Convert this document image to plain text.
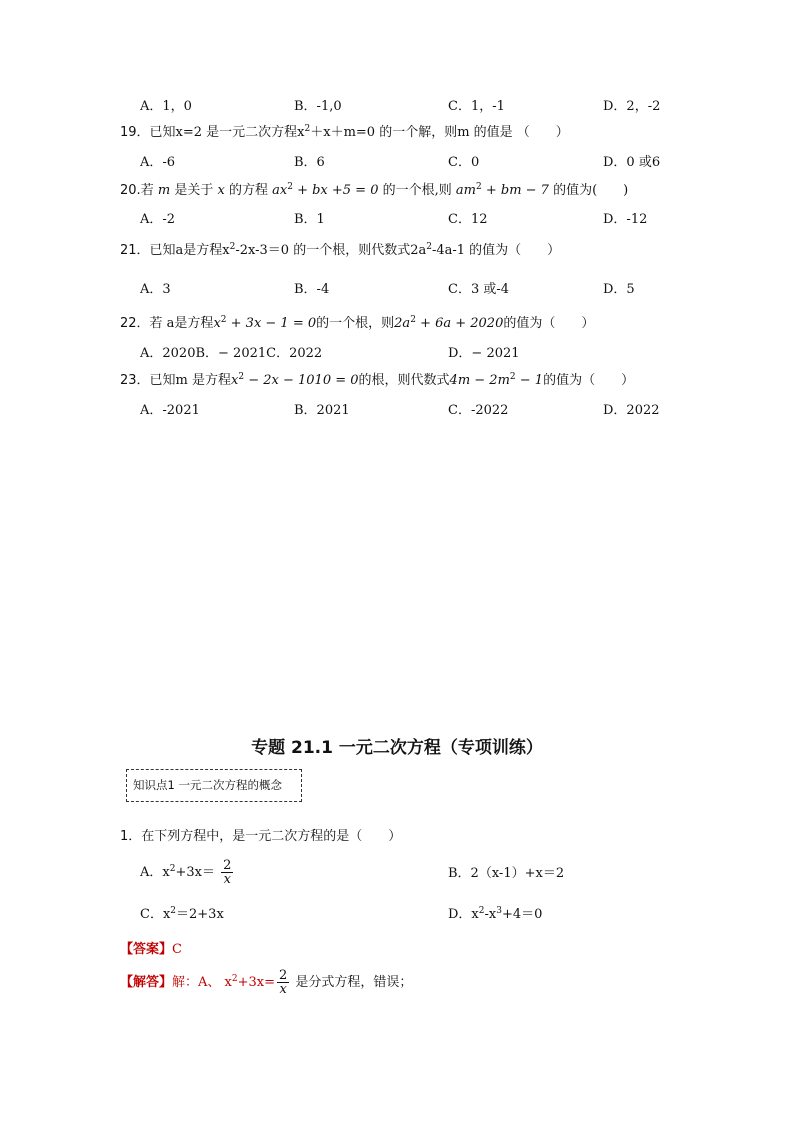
A．1，0	B．-1,0	C．1，-1	D．2，-2
19．已知x=2 是一元二次方程$x^2+x+m=0$ 的一个解，则m 的值是 （　　）
A．-6	B．6	C．0	D．0 或6
20.若 m 是关于 x 的方程 $ax^2$ + bx +5 = 0 的一个根,则 $am^2$ + bm − 7 的值为(　　)
A．-2	B．1	C．12	D．-12
21．已知a是方程$x^2-2x-3=0$ 的一个根，则代数式$2a^2-4a-1$ 的值为（　　）
A．3	B．-4	C．3 或-4	D．5
22．若 a是方程$x^2 + 3x - 1 = 0$的一个根，则$2a^2 + 6a + 2020$的值为（　　）
A．2020B．− 2021C．2022	D．− 2021
23．已知m 是方程$x^2 - 2x - 1010 = 0$的根，则代数式$4m - 2m^2 - 1$的值为（　　）
A．-2021	B．2021	C．-2022	D．2022
专题 21.1 一元二次方程（专项训练）
知识点1 一元二次方程的概念
1．在下列方程中，是一元二次方程的是（　　）
A．$x^2+3x= \frac{2}{x}$	B．2（x-1）+x＝2
C．$x^2=2+3x$	D．$x^2-x^3+4=0$
【答案】C
【解答】解：A、 $x^2+3x= \frac{2}{x}$ 是分式方程，错误；
